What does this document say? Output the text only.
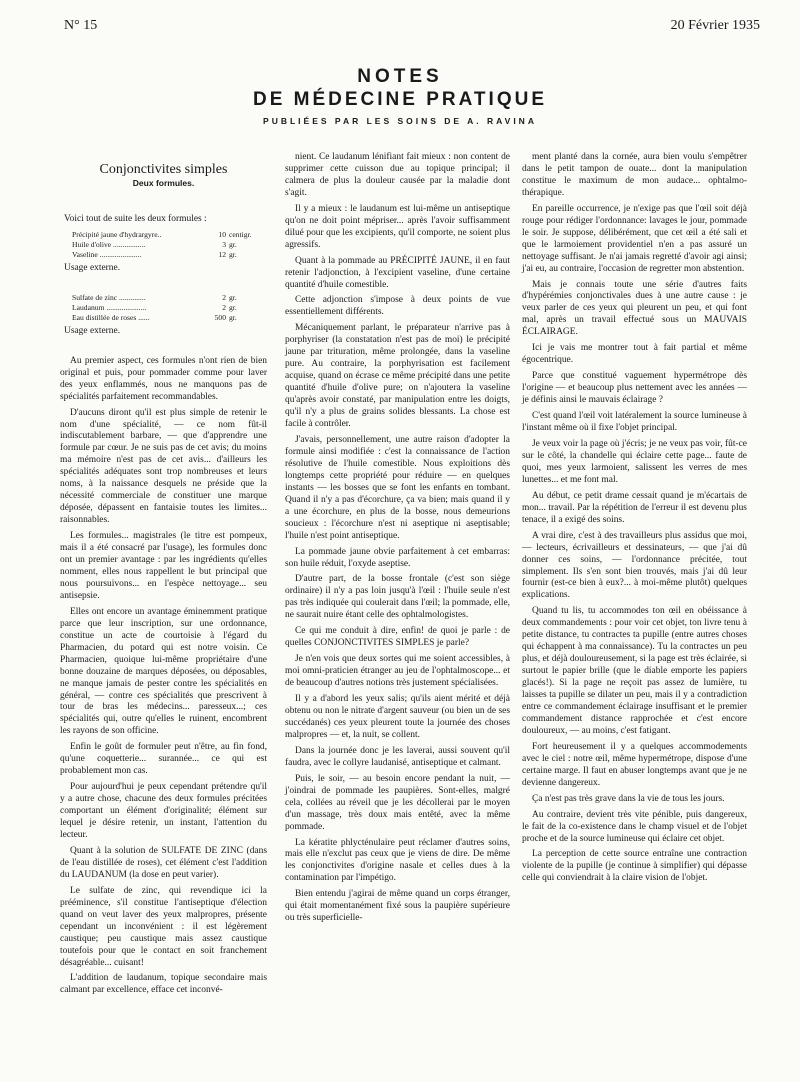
N° 15	20 Février 1935
NOTES
DE MÉDECINE PRATIQUE
PUBLIÉES PAR LES SOINS DE A. RAVINA
Conjonctivites simples
Deux formules.

Voici tout de suite les deux formules :

Précipité jaune d'hydrargyre..	10 centigr.
Huile d'olive .................	3 gr.
Vaseline ......................	12 gr.
Usage externe.
Sulfate de zinc ..............	2 gr.
Laudanum .....................	2 gr.
Eau distillée de roses ......	500 gr.
Usage externe.

Au premier aspect, ces formules n'ont rien de bien original et puis, pour pommader comme pour laver des yeux enflammés, nous ne manquons pas de spécialités parfaitement recommandables.

D'aucuns diront qu'il est plus simple de retenir le nom d'une spécialité, — ce nom fût-il indiscutablement barbare, — que d'apprendre une formule par cœur. Je ne suis pas de cet avis; du moins ma mémoire n'est pas de cet avis... d'ailleurs les spécialités adéquates sont trop nombreuses et leurs noms, à la naissance desquels ne préside que la nécessité commerciale de constituer une marque déposée, dépassent en fantaisie toutes les limites... raisonnables.

Les formules... magistrales (le titre est pompeux, mais il a été consacré par l'usage), les formules donc ont un premier avantage : par les ingrédients qu'elles nomment, elles nous rappellent le but principal que nous poursuivons... en l'espèce nettoyage... seu antisepsie.

Elles ont encore un avantage éminemment pratique parce que leur inscription, sur une ordonnance, constitue un acte de courtoisie à l'égard du Pharmacien, du potard qui est notre voisin. Ce Pharmacien, quoique lui-même propriétaire d'une bonne douzaine de marques déposées, ou déposables, ne manque jamais de pester contre les spécialités en général, — contre ces spécialités que prescrivent à tour de bras les médecins... paresseux...; ces spécialités qui, outre qu'elles le ruinent, encombrent les rayons de son officine.

Enfin le goût de formuler peut n'être, au fin fond, qu'une coquetterie... surannée... ce qui est probablement mon cas.

Pour aujourd'hui je peux cependant prétendre qu'il y a autre chose, chacune des deux formules précitées comportant un élément d'originalité; élément sur lequel je désire retenir, un instant, l'attention du lecteur.

Quant à la solution de SULFATE DE ZINC (dans de l'eau distillée de roses), cet élément c'est l'addition du LAUDANUM (la dose en peut varier).

Le sulfate de zinc, qui revendique ici la prééminence, s'il constitue l'antiseptique d'élection quand on veut laver des yeux malpropres, présente cependant un inconvénient : il est légèrement caustique; peu caustique mais assez caustique toutefois pour que le contact en soit franchement désagréable... cuisant!

L'addition de laudanum, topique secondaire mais calmant par excellence, efface cet inconvé-

nient. Ce laudanum lénifiant fait mieux : non content de supprimer cette cuisson due au topique principal; il calmera de plus la douleur causée par la maladie dont s'agit.

Il y a mieux : le laudanum est lui-même un antiseptique qu'on ne doit point mépriser... après l'avoir suffisamment dilué pour que les excipients, qu'il comporte, ne soient plus agressifs.

Quant à la pommade au PRÉCIPITÉ JAUNE, il en faut retenir l'adjonction, à l'excipient vaseline, d'une certaine quantité d'huile comestible.

Cette adjonction s'impose à deux points de vue essentiellement différents.

Mécaniquement parlant, le préparateur n'arrive pas à porphyriser (la constatation n'est pas de moi) le précipité jaune par trituration, même prolongée, dans la vaseline pure. Au contraire, la porphyrisation est facilement acquise, quand on écrase ce même précipité dans une petite quantité d'huile d'olive pure; on n'ajoutera la vaseline qu'après avoir constaté, par manipulation entre les doigts, qu'il n'y a plus de grains solides blessants. La chose est facile à contrôler.

J'avais, personnellement, une autre raison d'adopter la formule ainsi modifiée : c'est la connaissance de l'action résolutive de l'huile comestible. Nous exploitions dès longtemps cette propriété pour réduire — en quelques instants — les bosses que se font les enfants en tombant. Quand il n'y a pas d'écorchure, ça va bien; mais quand il y a une écorchure, en plus de la bosse, nous demeurions soucieux : l'écorchure n'est ni aseptique ni aseptisable; l'huile n'est point antiseptique.

La pommade jaune obvie parfaitement à cet embarras: son huile réduit, l'oxyde aseptise.

D'autre part, de la bosse frontale (c'est son siège ordinaire) il n'y a pas loin jusqu'à l'œil : l'huile seule n'est pas très indiquée qui coulerait dans l'œil; la pommade, elle, ne saurait nuire étant celle des ophtalmologistes.

Ce qui me conduit à dire, enfin! de quoi je parle : de quelles CONJONCTIVITES SIMPLES je parle?

Je n'en vois que deux sortes qui me soient accessibles, à moi omni-praticien étranger au jeu de l'ophtalmoscope... et de beaucoup d'autres notions très justement spécialisées.

Il y a d'abord les yeux salis; qu'ils aient mérité et déjà obtenu ou non le nitrate d'argent sauveur (ou bien un de ses succédanés) ces yeux pleurent toute la journée des choses malpropres — et, la nuit, se collent.

Dans la journée donc je les laverai, aussi souvent qu'il faudra, avec le collyre laudanisé, antiseptique et calmant.

Puis, le soir, — au besoin encore pendant la nuit, — j'oindrai de pommade les paupières. Sont-elles, malgré cela, collées au réveil que je les décollerai par le moyen d'un massage, très doux mais entêté, avec la même pommade.

La kératite phlycténulaire peut réclamer d'autres soins, mais elle n'exclut pas ceux que je viens de dire. De même les conjonctivites d'origine nasale et celles dues à la contamination par l'impétigo.

Bien entendu j'agirai de même quand un corps étranger, qui était momentanément fixé sous la paupière supérieure ou très superficielle-

ment planté dans la cornée, aura bien voulu s'empêtrer dans le petit tampon de ouate... dont la manipulation constitue le maximum de mon audace... ophtalmo-thérapique.

En pareille occurrence, je n'exige pas que l'œil soit déjà rouge pour rédiger l'ordonnance: lavages le jour, pommade le soir. Je suppose, délibérément, que cet œil a été sali et que le larmoiement providentiel n'en a pas assuré un nettoyage suffisant. Je n'ai jamais regretté d'avoir agi ainsi; j'ai eu, au contraire, l'occasion de regretter mon abstention.

Mais je connais toute une série d'autres faits d'hypérémies conjonctivales dues à une autre cause : je veux parler de ces yeux qui pleurent un peu, et qui font mal, après un travail effectué sous un MAUVAIS ÉCLAIRAGE.

Ici je vais me montrer tout à fait partial et même égocentrique.

Parce que constitué vaguement hypermétrope dès l'origine — et beaucoup plus nettement avec les années — je définis ainsi le mauvais éclairage ?

C'est quand l'œil voit latéralement la source lumineuse à l'instant même où il fixe l'objet principal.

Je veux voir la page où j'écris; je ne veux pas voir, fût-ce sur le côté, la chandelle qui éclaire cette page... faute de quoi, mes yeux larmoient, salissent les verres de mes lunettes... et me font mal.

Au début, ce petit drame cessait quand je m'écartais de mon... travail. Par la répétition de l'erreur il est devenu plus tenace, il a exigé des soins.

A vrai dire, c'est à des travailleurs plus assidus que moi, — lecteurs, écrivailleurs et dessinateurs, — que j'ai dû donner ces soins, — l'ordonnance précitée, tout simplement. Ils s'en sont bien trouvés, mais j'ai dû leur fournir (est-ce bien à eux?... à moi-même plutôt) quelques explications.

Quand tu lis, tu accommodes ton œil en obéissance à deux commandements : pour voir cet objet, ton livre tenu à petite distance, tu contractes ta pupille (entre autres choses qui échappent à ma connaissance). Tu la contractes un peu plus, et déjà douloureusement, si la page est très éclairée, si surtout le papier brille (que le diable emporte les papiers glacés!). Si la page ne reçoit pas assez de lumière, tu laisses ta pupille se dilater un peu, mais il y a contradiction entre ce commandement éclairage insuffisant et le premier commandement distance rapprochée et c'est encore douloureux, — au moins, c'est fatigant.

Fort heureusement il y a quelques accommodements avec le ciel : notre œil, même hypermétrope, dispose d'une certaine marge. Il faut en abuser longtemps avant que je ne devienne dangereux.

Ça n'est pas très grave dans la vie de tous les jours.

Au contraire, devient très vite pénible, puis dangereux, le fait de la co-existence dans le champ visuel et de l'objet proche et de la source lumineuse qui éclaire cet objet.

La perception de cette source entraîne une contraction violente de la pupille (je continue à simplifier) qui dépasse celle qui conviendrait à la claire vision de l'objet.
